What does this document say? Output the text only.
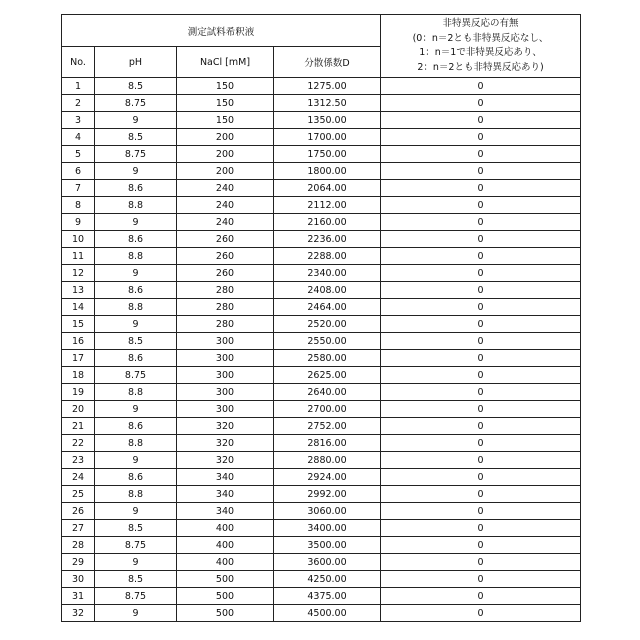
測定試料希釈液	
非特異反応の有無
(0：n＝2とも非特異反応なし、
1：n＝1で非特異反応あり、
2：n＝2とも非特異反応あり)

No.	pH	NaCl [mM]	分散係数D
1	8.5	150	1275.00	0
2	8.75	150	1312.50	0
3	9	150	1350.00	0
4	8.5	200	1700.00	0
5	8.75	200	1750.00	0
6	9	200	1800.00	0
7	8.6	240	2064.00	0
8	8.8	240	2112.00	0
9	9	240	2160.00	0
10	8.6	260	2236.00	0
11	8.8	260	2288.00	0
12	9	260	2340.00	0
13	8.6	280	2408.00	0
14	8.8	280	2464.00	0
15	9	280	2520.00	0
16	8.5	300	2550.00	0
17	8.6	300	2580.00	0
18	8.75	300	2625.00	0
19	8.8	300	2640.00	0
20	9	300	2700.00	0
21	8.6	320	2752.00	0
22	8.8	320	2816.00	0
23	9	320	2880.00	0
24	8.6	340	2924.00	0
25	8.8	340	2992.00	0
26	9	340	3060.00	0
27	8.5	400	3400.00	0
28	8.75	400	3500.00	0
29	9	400	3600.00	0
30	8.5	500	4250.00	0
31	8.75	500	4375.00	0
32	9	500	4500.00	0
